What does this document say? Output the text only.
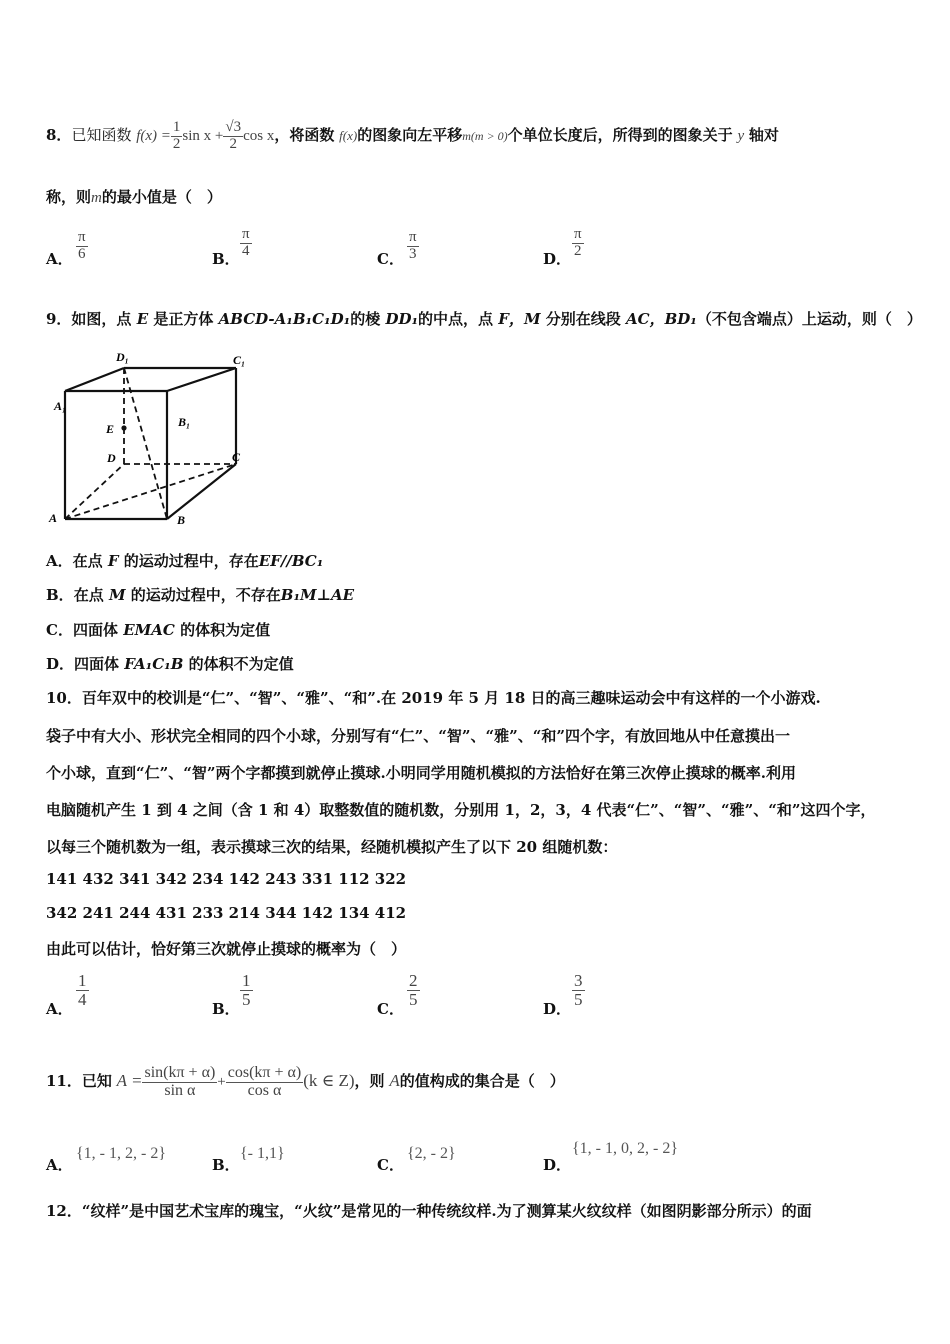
8．已知函数 $f(x) = \frac{1}{2}$ $\sin x + \frac{√3}{2}$ cos x，将函数 f(x)的图象向左平移m(m > 0)个单位长度后，所得到的图象关于 y 轴对
称，则m的最小值是（　）
A． $\frac{\pi}{6}$	B． $\frac{\pi}{4}$	C． $\frac{\pi}{3}$	D． $\frac{\pi}{2}$
9．如图，点 E 是正方体 ABCD-A₁B₁C₁D₁的棱 DD₁的中点，点 F，M 分别在线段 AC，BD₁（不包含端点）上运动，则（　）
D₁	C₁
A₁
B₁
E
D	C
A	B
A．在点 F 的运动过程中，存在EF//BC₁
B．在点 M 的运动过程中，不存在B₁M⊥AE
C．四面体 EMAC 的体积为定值
D．四面体 FA₁C₁B 的体积不为定值
10．百年双中的校训是“仁”、“智”、“雅”、“和”.在 2019 年 5 月 18 日的高三趣味运动会中有这样的一个小游戏.
袋子中有大小、形状完全相同的四个小球，分别写有“仁”、“智”、“雅”、“和”四个字，有放回地从中任意摸出一
个小球，直到“仁”、“智”两个字都摸到就停止摸球.小明同学用随机模拟的方法恰好在第三次停止摸球的概率.利用
电脑随机产生 1 到 4 之间（含 1 和 4）取整数值的随机数，分别用 1，2，3，4 代表“仁”、“智”、“雅”、“和”这四个字，
以每三个随机数为一组，表示摸球三次的结果，经随机模拟产生了以下 20 组随机数：
141 432 341 342 234 142 243 331 112 322
342 241 244 431 233 214 344 142 134 412
由此可以估计，恰好第三次就停止摸球的概率为（　）
A．
$\frac{1}{4}$
B．
$\frac{1}{5}$
C．
$\frac{2}{5}$
D．
$\frac{3}{5}$
11．已知 $A = \frac{\sin(k\pi + \alpha)}{\text{sin α}} + \frac{\cos(k\pi + \alpha)}{\text{cos α}} (k$ ∈ Z)，则 A的值构成的集合是（　）
A．
{1, - 1, 2, - 2}
B．
{- 1,1}
C．
{2, - 2}
D．
{1, - 1, 0, 2, - 2}
12．“纹样”是中国艺术宝库的瑰宝，“火纹”是常见的一种传统纹样.为了测算某火纹纹样（如图阴影部分所示）的面
